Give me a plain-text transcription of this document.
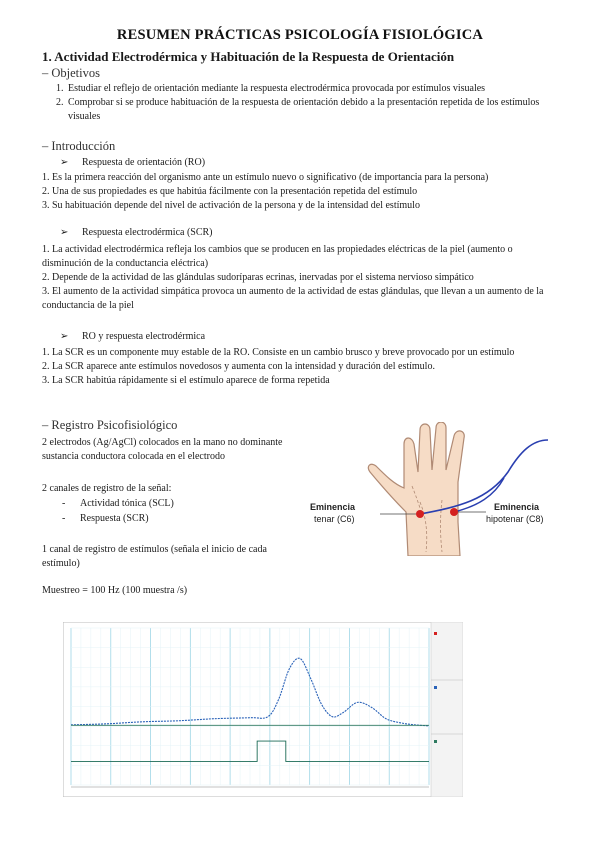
RESUMEN PRÁCTICAS PSICOLOGÍA FISIOLÓGICA
1. Actividad Electrodérmica y Habituación de la Respuesta de Orientación
– Objetivos
1. Estudiar el reflejo de orientación mediante la respuesta electrodérmica provocada por estímulos visuales
2. Comprobar si se produce habituación de la respuesta de orientación debido a la presentación repetida de los estímulos visuales
– Introducción
➢ Respuesta de orientación (RO)
1. Es la primera reacción del organismo ante un estímulo nuevo o significativo (de importancia para la persona)
2. Una de sus propiedades es que habitúa fácilmente con la presentación repetida del estímulo
3. Su habituación depende del nivel de activación de la persona y de la intensidad del estímulo
➢ Respuesta electrodérmica (SCR)
1. La actividad electrodérmica refleja los cambios que se producen en las propiedades eléctricas de la piel (aumento o disminución de la conductancia eléctrica)
2. Depende de la actividad de las glándulas sudoríparas ecrinas, inervadas por el sistema nervioso simpático
3. El aumento de la actividad simpática provoca un aumento de la actividad de estas glándulas, que llevan a un aumento de la conductancia de la piel
➢ RO y respuesta electrodérmica
1. La SCR es un componente muy estable de la RO. Consiste en un cambio brusco y breve provocado por un estímulo
2. La SCR aparece ante estímulos novedosos y aumenta con la intensidad y duración del estímulo.
3. La SCR habitúa rápidamente si el estímulo aparece de forma repetida
– Registro Psicofisiológico
2 electrodos (Ag/AgCl) colocados en la mano no dominante
sustancia conductora colocada en el electrodo
2 canales de registro de la señal:
- Actividad tónica (SCL)
- Respuesta (SCR)
1 canal de registro de estímulos (señala el inicio de cada
estímulo)
Muestreo = 100 Hz (100 muestra /s)
Eminencia
tenar (C6)
Eminencia
hipotenar (C8)
